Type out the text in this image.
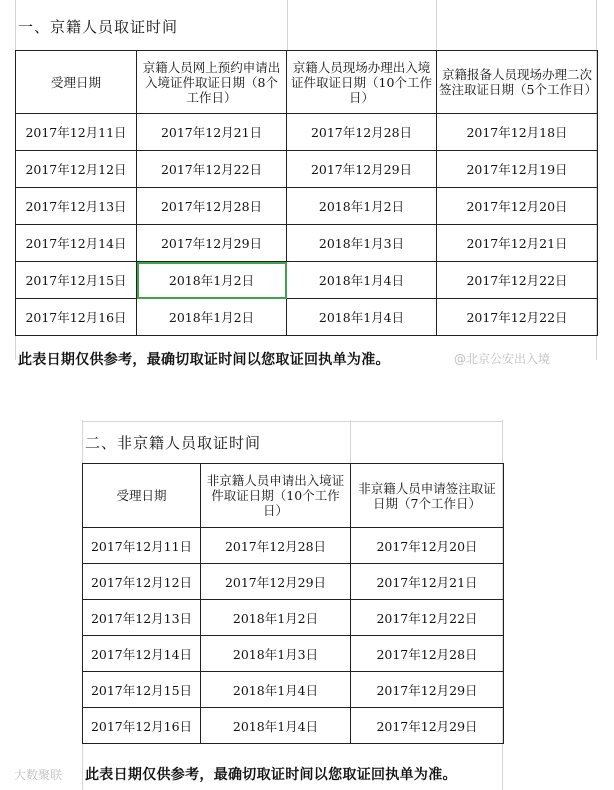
一、京籍人员取证时间
受理日期	京籍人员网上预约申请出入境证件取证日期（8个工作日）	京籍人员现场办理出入境证件取证日期（10个工作日）	京籍报备人员现场办理二次签注取证日期（5个工作日）
2017年12月11日	2017年12月21日	2017年12月28日	2017年12月18日
2017年12月12日	2017年12月22日	2017年12月29日	2017年12月19日
2017年12月13日	2017年12月28日	2018年1月2日	2017年12月20日
2017年12月14日	2017年12月29日	2018年1月3日	2017年12月21日
2017年12月15日	2018年1月2日	2018年1月4日	2017年12月22日
2017年12月16日	2018年1月2日	2018年1月4日	2017年12月22日
此表日期仅供参考，最确切取证时间以您取证回执单为准。	@北京公安出入境
二、非京籍人员取证时间
受理日期	非京籍人员申请出入境证件取证日期（10个工作日）	非京籍人员申请签注取证日期（7个工作日）
2017年12月11日	2017年12月28日	2017年12月20日
2017年12月12日	2017年12月29日	2017年12月21日
2017年12月13日	2018年1月2日	2017年12月22日
2017年12月14日	2018年1月3日	2017年12月28日
2017年12月15日	2018年1月4日	2017年12月29日
2017年12月16日	2018年1月4日	2017年12月29日
大数聚联 此表日期仅供参考，最确切取证时间以您取证回执单为准。
